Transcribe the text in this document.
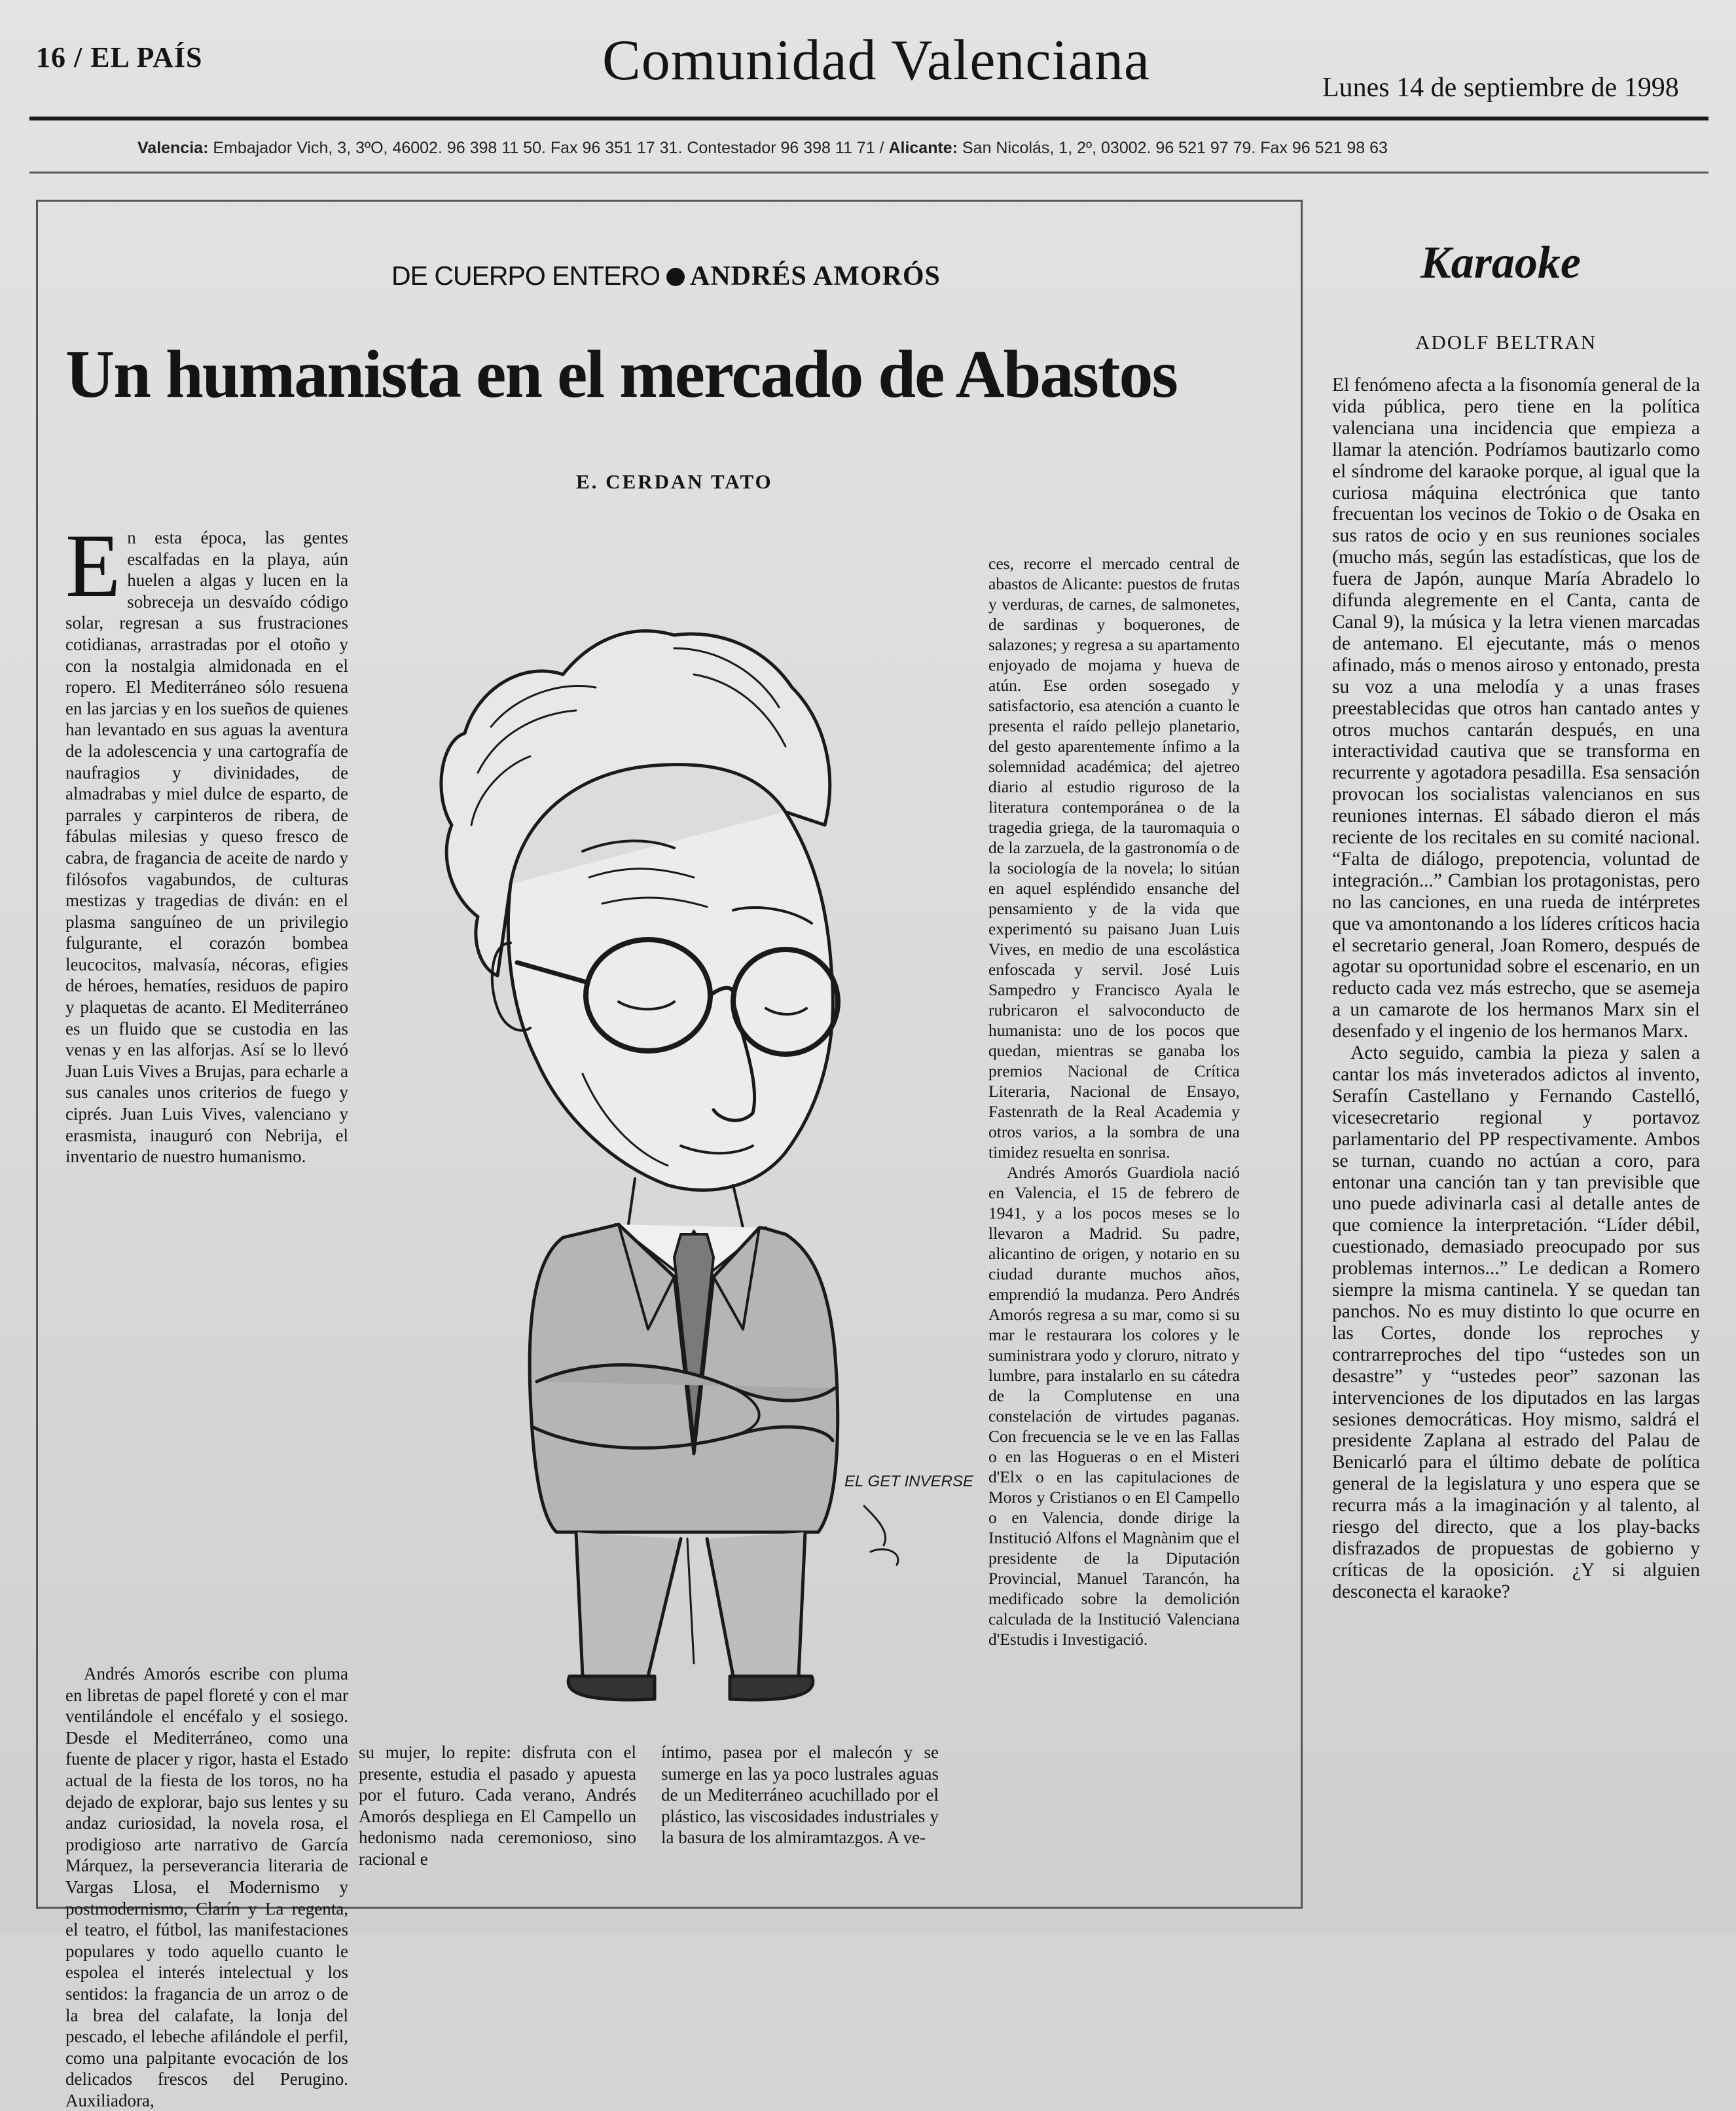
16 / EL PAÍS	Comunidad Valenciana	Lunes 14 de septiembre de 1998
Valencia: Embajador Vich, 3, 3ºO, 46002. 96 398 11 50. Fax 96 351 17 31. Contestador 96 398 11 71 / Alicante: San Nicolás, 1, 2º, 03002. 96 521 97 79. Fax 96 521 98 63
DE CUERPO ENTERO ANDRÉS AMORÓS
Un humanista en el mercado de Abastos
E. CERDAN TATO
E n esta época, las gentes escalfadas en la playa, aún huelen a algas y lucen en la sobreceja un desvaído código solar, regresan a sus frustraciones cotidianas, arrastradas por el otoño y con la nostalgia almidonada en el ropero. El Mediterráneo sólo resuena en las jarcias y en los sueños de quienes han levantado en sus aguas la aventura de la adolescencia y una cartografía de naufragios y divinidades, de almadrabas y miel dulce de esparto, de parrales y carpinteros de ribera, de fábulas milesias y queso fresco de cabra, de fragancia de aceite de nardo y filósofos vagabundos, de culturas mestizas y tragedias de diván: en el plasma sanguíneo de un privilegio fulgurante, el corazón bombea leucocitos, malvasía, nécoras, efigies de héroes, hematíes, residuos de papiro y plaquetas de acanto. El Mediterráneo es un fluido que se custodia en las venas y en las alforjas. Así se lo llevó Juan Luis Vives a Brujas, para echarle a sus canales unos criterios de fuego y ciprés. Juan Luis Vives, valenciano y erasmista, inauguró con Nebrija, el inventario de nuestro humanismo.

Andrés Amorós escribe con pluma en libretas de papel floreté y con el mar ventilándole el encéfalo y el sosiego. Desde el Mediterráneo, como una fuente de placer y rigor, hasta el Estado actual de la fiesta de los toros, no ha dejado de explorar, bajo sus lentes y su andaz curiosidad, la novela rosa, el prodigioso arte narrativo de García Márquez, la perseverancia literaria de Vargas Llosa, el Modernismo y postmodernismo, Clarín y La regenta, el teatro, el fútbol, las manifestaciones populares y todo aquello cuanto le espolea el interés intelectual y los sentidos: la fragancia de un arroz o de la brea del calafate, la lonja del pescado, el lebeche afilándole el perfil, como una palpitante evocación de los delicados frescos del Perugino. Auxiliadora,

su mujer, lo repite: disfruta con el presente, estudia el pasado y apuesta por el futuro. Cada verano, Andrés Amorós despliega en El Campello un hedonismo nada ceremonioso, sino racional e

íntimo, pasea por el malecón y se sumerge en las ya poco lustrales aguas de un Mediterráneo acuchillado por el plástico, las viscosidades industriales y la basura de los almiramtazgos. A ve-

ces, recorre el mercado central de abastos de Alicante: puestos de frutas y verduras, de carnes, de salmonetes, de sardinas y boquerones, de salazones; y regresa a su apartamento enjoyado de mojama y hueva de atún. Ese orden sosegado y satisfactorio, esa atención a cuanto le presenta el raído pellejo planetario, del gesto aparentemente ínfimo a la solemnidad académica; del ajetreo diario al estudio riguroso de la literatura contemporánea o de la tragedia griega, de la tauromaquia o de la zarzuela, de la gastronomía o de la sociología de la novela; lo sitúan en aquel espléndido ensanche del pensamiento y de la vida que experimentó su paisano Juan Luis Vives, en medio de una escolástica enfoscada y servil. José Luis Sampedro y Francisco Ayala le rubricaron el salvoconducto de humanista: uno de los pocos que quedan, mientras se ganaba los premios Nacional de Crítica Literaria, Nacional de Ensayo, Fastenrath de la Real Academia y otros varios, a la sombra de una timidez resuelta en sonrisa.

Andrés Amorós Guardiola nació en Valencia, el 15 de febrero de 1941, y a los pocos meses se lo llevaron a Madrid. Su padre, alicantino de origen, y notario en su ciudad durante muchos años, emprendió la mudanza. Pero Andrés Amorós regresa a su mar, como si su mar le restaurara los colores y le suministrara yodo y cloruro, nitrato y lumbre, para instalarlo en su cátedra de la Complutense en una constelación de virtudes paganas. Con frecuencia se le ve en las Fallas o en las Hogueras o en el Misteri d'Elx o en las capitulaciones de Moros y Cristianos o en El Campello o en Valencia, donde dirige la Institució Alfons el Magnànim que el presidente de la Diputación Provincial, Manuel Tarancón, ha medificado sobre la demolición calculada de la Institució Valenciana d'Estudis i Investigació.

EL GET INVERSE
Karaoke
ADOLF BELTRAN

El fenómeno afecta a la fisonomía general de la vida pública, pero tiene en la política valenciana una incidencia que empieza a llamar la atención. Podríamos bautizarlo como el síndrome del karaoke porque, al igual que la curiosa máquina electrónica que tanto frecuentan los vecinos de Tokio o de Osaka en sus ratos de ocio y en sus reuniones sociales (mucho más, según las estadísticas, que los de fuera de Japón, aunque María Abradelo lo difunda alegremente en el Canta, canta de Canal 9), la música y la letra vienen marcadas de antemano. El ejecutante, más o menos afinado, más o menos airoso y entonado, presta su voz a una melodía y a unas frases preestablecidas que otros han cantado antes y otros muchos cantarán después, en una interactividad cautiva que se transforma en recurrente y agotadora pesadilla. Esa sensación provocan los socialistas valencianos en sus reuniones internas. El sábado dieron el más reciente de los recitales en su comité nacional. “Falta de diálogo, prepotencia, voluntad de integración...” Cambian los protagonistas, pero no las canciones, en una rueda de intérpretes que va amontonando a los líderes críticos hacia el secretario general, Joan Romero, después de agotar su oportunidad sobre el escenario, en un reducto cada vez más estrecho, que se asemeja a un camarote de los hermanos Marx sin el desenfado y el ingenio de los hermanos Marx.

Acto seguido, cambia la pieza y salen a cantar los más inveterados adictos al invento, Serafín Castellano y Fernando Castelló, vicesecretario regional y portavoz parlamentario del PP respectivamente. Ambos se turnan, cuando no actúan a coro, para entonar una canción tan y tan previsible que uno puede adivinarla casi al detalle antes de que comience la interpretación. “Líder débil, cuestionado, demasiado preocupado por sus problemas internos...” Le dedican a Romero siempre la misma cantinela. Y se quedan tan panchos. No es muy distinto lo que ocurre en las Cortes, donde los reproches y contrarreproches del tipo “ustedes son un desastre” y “ustedes peor” sazonan las intervenciones de los diputados en las largas sesiones democráticas. Hoy mismo, saldrá el presidente Zaplana al estrado del Palau de Benicarló para el último debate de política general de la legislatura y uno espera que se recurra más a la imaginación y al talento, al riesgo del directo, que a los play-backs disfrazados de propuestas de gobierno y críticas de la oposición. ¿Y si alguien desconecta el karaoke?
